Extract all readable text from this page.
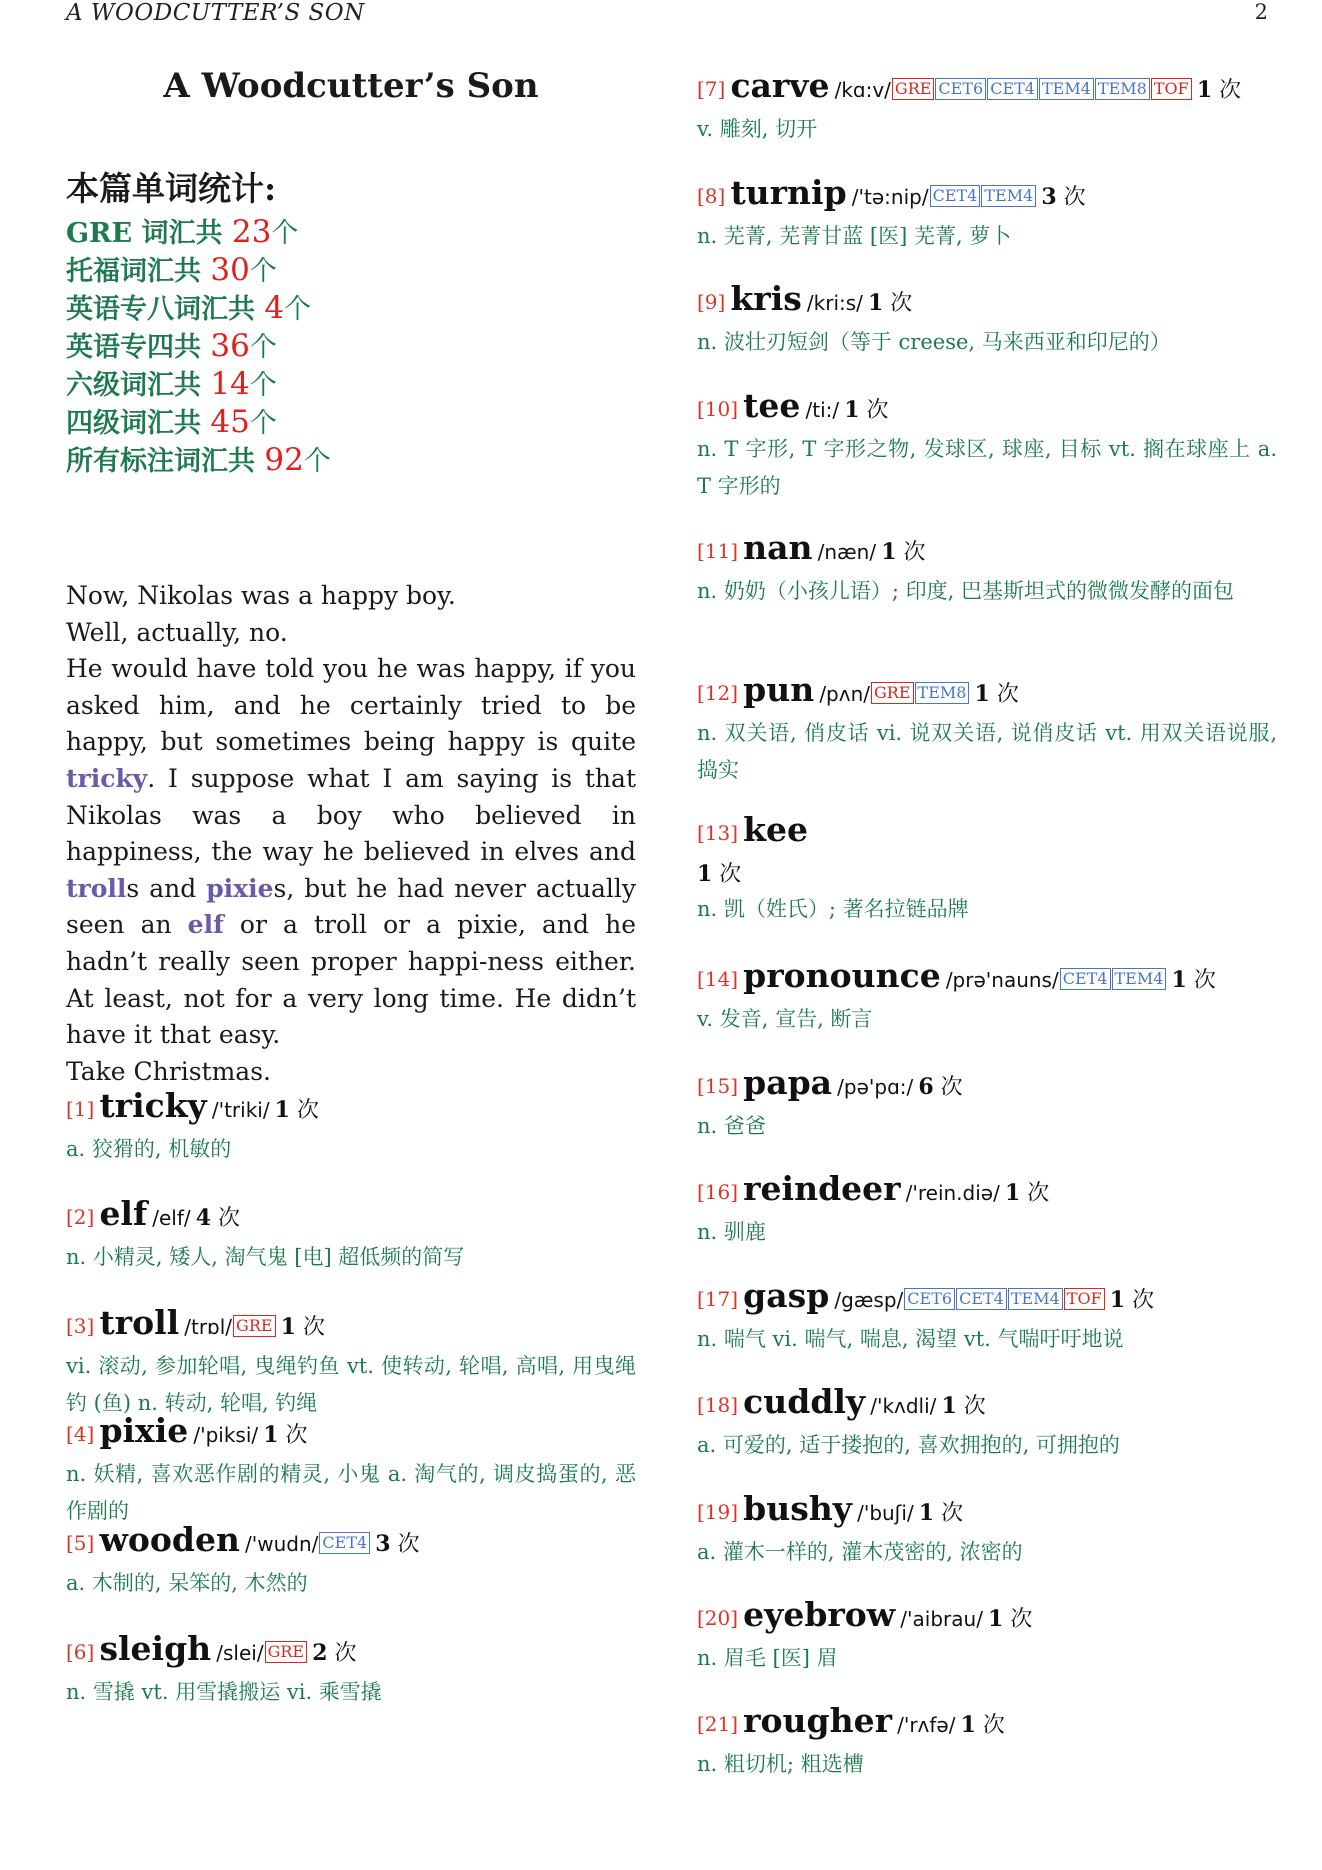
A WOODCUTTER’S SON	2
A Woodcutter’s Son
本篇单词统计:
GRE 词汇共 23个
托福词汇共 30个
英语专八词汇共 4个
英语专四共 36个
六级词汇共 14个
四级词汇共 45个
所有标注词汇共 92个

Now, Nikolas was a happy boy.

Well, actually, no.

He would have told you he was happy, if you asked him, and he certainly tried to be happy, but sometimes being happy is quite tricky. I suppose what I am saying is that Nikolas was a boy who believed in happiness, the way he believed in elves and trolls and pixies, but he had never actually seen an elf or a troll or a pixie, and he hadn’t really seen proper happi-ness either. At least, not for a very long time. He didn’t have it that easy.

Take Christmas.

[1] tricky /'triki/ 1 次
a. 狡猾的, 机敏的
[2] elf /elf/ 4 次
n. 小精灵, 矮人, 淘气鬼 [电] 超低频的简写
[3] troll /trɒl/ GRE 1 次
vi. 滚动, 参加轮唱, 曳绳钓鱼 vt. 使转动, 轮唱, 高唱, 用曳绳钓 (鱼) n. 转动, 轮唱, 钓绳
[4] pixie /'piksi/ 1 次
n. 妖精, 喜欢恶作剧的精灵, 小鬼 a. 淘气的, 调皮捣蛋的, 恶作剧的
[5] wooden /'wudn/ CET4 3 次
a. 木制的, 呆笨的, 木然的
[6] sleigh /slei/ GRE 2 次
n. 雪撬 vt. 用雪撬搬运 vi. 乘雪撬
[7] carve /kɑ:v/ GRE CET6 CET4 TEM4 TEM8 TOF 1 次
v. 雕刻, 切开
[8] turnip /'tə:nip/ CET4 TEM4 3 次
n. 芜菁, 芜菁甘蓝 [医] 芜菁, 萝卜
[9] kris /kri:s/ 1 次
n. 波壮刃短剑（等于 creese, 马来西亚和印尼的）
[10] tee /ti:/ 1 次
n. T 字形, T 字形之物, 发球区, 球座, 目标 vt. 搁在球座上 a. T 字形的
[11] nan /næn/ 1 次
n. 奶奶（小孩儿语）; 印度, 巴基斯坦式的微微发酵的面包
[12] pun /pʌn/ GRE TEM8 1 次
n. 双关语, 俏皮话 vi. 说双关语, 说俏皮话 vt. 用双关语说服, 捣实
[13] kee
1 次
n. 凯（姓氏）; 著名拉链品牌
[14] pronounce /prə'nauns/ CET4 TEM4 1 次
v. 发音, 宣告, 断言
[15] papa /pə'pɑ:/ 6 次
n. 爸爸
[16] reindeer /'rein.diə/ 1 次
n. 驯鹿
[17] gasp /gæsp/ CET6 CET4 TEM4 TOF 1 次
n. 喘气 vi. 喘气, 喘息, 渴望 vt. 气喘吁吁地说
[18] cuddly /'kʌdli/ 1 次
a. 可爱的, 适于搂抱的, 喜欢拥抱的, 可拥抱的
[19] bushy /'buʃi/ 1 次
a. 灌木一样的, 灌木茂密的, 浓密的
[20] eyebrow /'aibrau/ 1 次
n. 眉毛 [医] 眉
[21] rougher /'rʌfə/ 1 次
n. 粗切机; 粗选槽
